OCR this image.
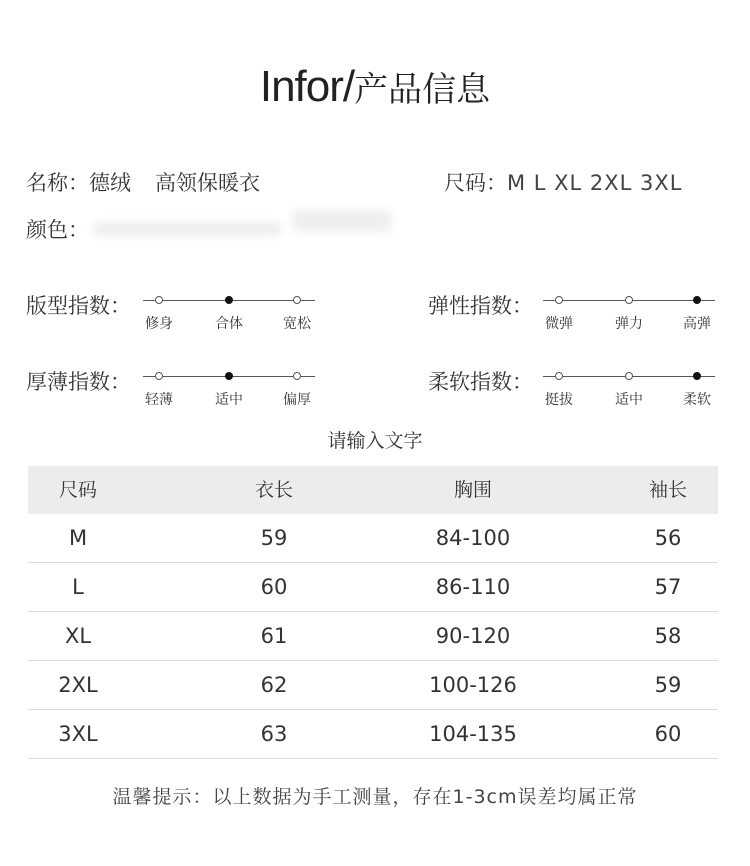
Infor/产品信息
名称：德绒 高领保暖衣	尺码：M L XL 2XL 3XL
颜色：
版型指数：
修身	合体	宽松
弹性指数：
微弹	弹力	高弹
厚薄指数：
轻薄	适中	偏厚
柔软指数：
挺拔	适中	柔软
请输入文字
尺码	衣长	胸围	袖长
M	59	84-100	56
L	60	86-110	57
XL	61	90-120	58
2XL	62	100-126	59
3XL	63	104-135	60
温馨提示：以上数据为手工测量，存在1-3cm误差均属正常
